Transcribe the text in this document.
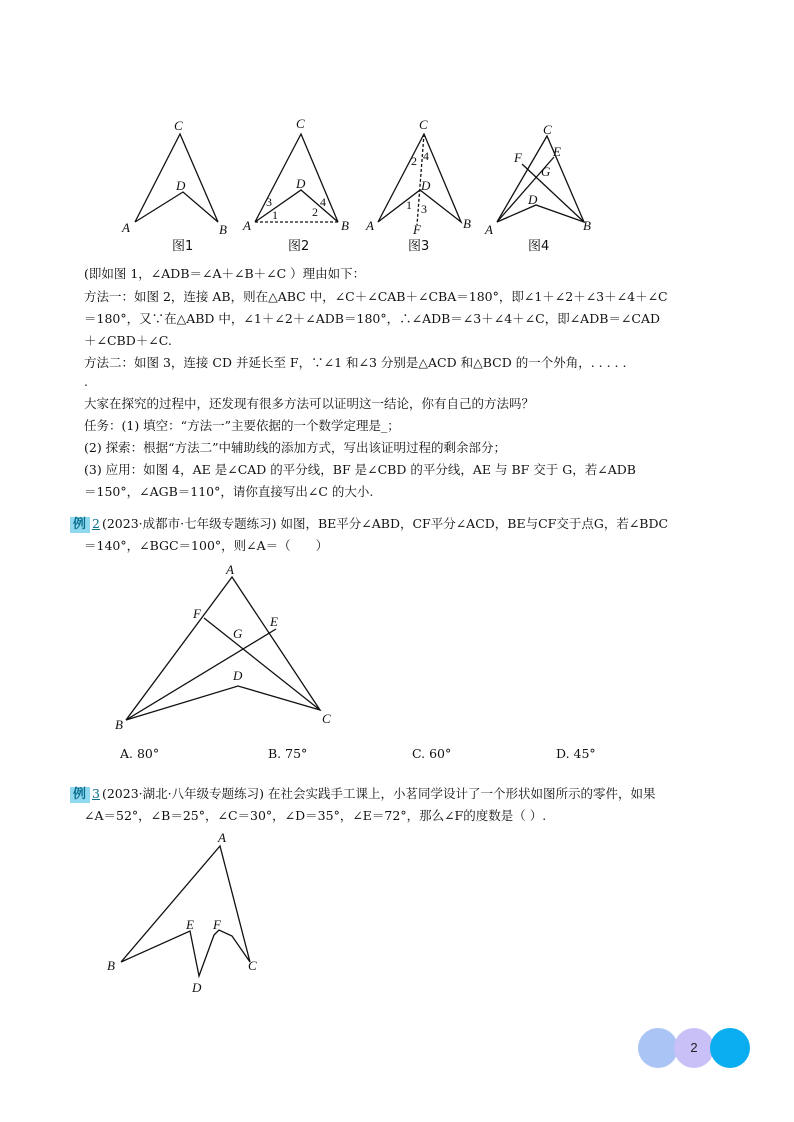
C
D
A	B
图1
C
D
A	B
3
1
4
2
图2
C
D
A	B
F
4
2
1 3
图3
C
F E
G
D
A	B
图4
(即如图 1，∠ADB＝∠A＋∠B＋∠C ）理由如下：
方法一：如图 2，连接 AB，则在△ABC 中，∠C＋∠CAB＋∠CBA＝180°，即∠1＋∠2＋∠3＋∠4＋∠C
＝180°，又∵在△ABD 中，∠1＋∠2＋∠ADB＝180°，∴∠ADB＝∠3＋∠4＋∠C，即∠ADB＝∠CAD
＋∠CBD＋∠C.
方法二：如图 3，连接 CD 并延长至 F，∵∠1 和∠3 分别是△ACD 和△BCD 的一个外角，. . . . .
.
大家在探究的过程中，还发现有很多方法可以证明这一结论，你有自己的方法吗？
任务：(1) 填空：“方法一”主要依据的一个数学定理是_；
(2) 探索：根据“方法二”中辅助线的添加方式，写出该证明过程的剩余部分；
(3) 应用：如图 4，AE 是∠CAD 的平分线，BF 是∠CBD 的平分线，AE 与 BF 交于 G，若∠ADB
＝150°，∠AGB＝110°，请你直接写出∠C 的大小.
例 2 (2023·成都市·七年级专题练习) 如图，BE平分∠ABD，CF平分∠ACD，BE与CF交于点G，若∠BDC
＝140°，∠BGC＝100°，则∠A＝（　　）
A
F
E
G
D
B	C
A. 80°	B. 75°	C. 60°	D. 45°
例 3 (2023·湖北·八年级专题练习) 在社会实践手工课上，小茗同学设计了一个形状如图所示的零件，如果
∠A＝52°，∠B＝25°，∠C＝30°，∠D＝35°，∠E＝72°，那么∠F的度数是（ ）.
A
E F
B	C
D
2
